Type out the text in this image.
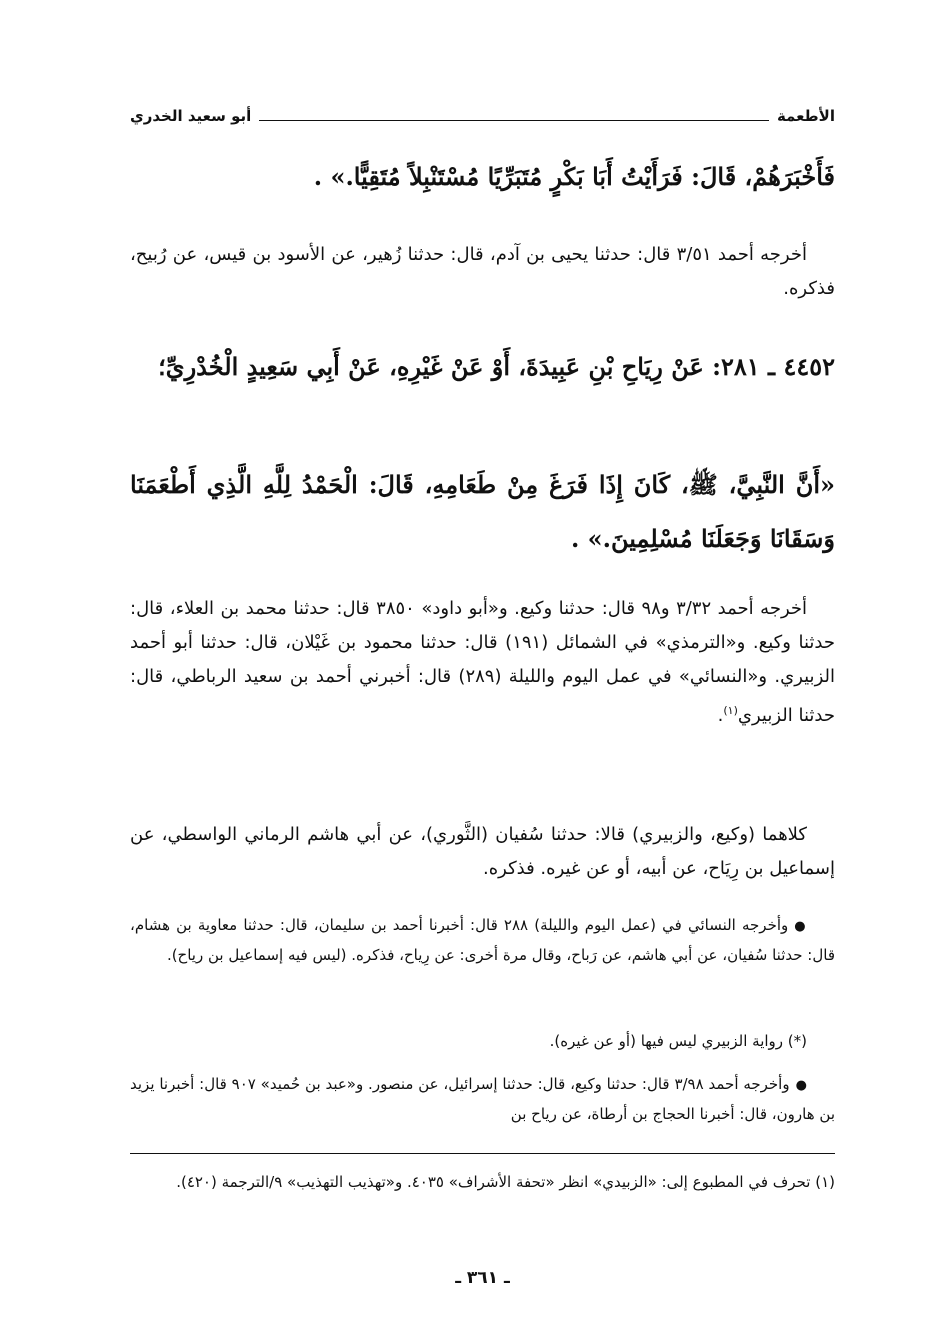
الأطعمة
أبو سعيد الخدري
فَأَخْبَرَهُمْ، قَالَ: فَرَأَيْتُ أَبَا بَكْرٍ مُتَبَرِّيًا مُسْتَنْبِلاً مُتَقِيًّا.» .
أخرجه أحمد ٣/٥١ قال: حدثنا يحيى بن آدم، قال: حدثنا زُهير، عن الأسود بن قيس، عن رُبيح، فذكره.
٤٤٥٢ ـ ٢٨١: عَنْ رِيَاحِ بْنِ عَبِيدَةَ، أَوْ عَنْ غَيْرِهِ، عَنْ أَبِي سَعِيدٍ الْخُدْرِيِّ؛
«أَنَّ النَّبِيَّ، ﷺ، كَانَ إِذَا فَرَغَ مِنْ طَعَامِهِ، قَالَ: الْحَمْدُ لِلَّهِ الَّذِي أَطْعَمَنَا وَسَقَانَا وَجَعَلَنَا مُسْلِمِينَ.» .
أخرجه أحمد ٣/٣٢ و٩٨ قال: حدثنا وكيع. و«أبو داود» ٣٨٥٠ قال: حدثنا محمد بن العلاء، قال: حدثنا وكيع. و«الترمذي» في الشمائل (١٩١) قال: حدثنا محمود بن غَيْلان، قال: حدثنا أبو أحمد الزبيري. و«النسائي» في عمل اليوم والليلة (٢٨٩) قال: أخبرني أحمد بن سعيد الرباطي، قال: حدثنا الزبيري$^{(١)}$.
كلاهما (وكيع، والزبيري) قالا: حدثنا سُفيان (الثَّوري)، عن أبي هاشم الرماني الواسطي، عن إسماعيل بن رِيَاح، عن أبيه، أو عن غيره. فذكره.
●وأخرجه النسائي في (عمل اليوم والليلة) ٢٨٨ قال: أخبرنا أحمد بن سليمان، قال: حدثنا معاوية بن هشام، قال: حدثنا سُفيان، عن أبي هاشم، عن رَباح، وقال مرة أخرى: عن رِياح، فذكره. (ليس فيه إسماعيل بن رياح).
(*) رواية الزبيري ليس فيها (أو عن غيره).
●وأخرجه أحمد ٣/٩٨ قال: حدثنا وكيع، قال: حدثنا إسرائيل، عن منصور. و«عبد بن حُميد» ٩٠٧ قال: أخبرنا يزيد بن هارون، قال: أخبرنا الحجاج بن أرطاة، عن رياح بن
(١) تحرف في المطبوع إلى: «الزبيدي» انظر «تحفة الأشراف» ٤٠٣٥. و«تهذيب التهذيب» ٩/الترجمة (٤٢٠).
ـ ٣٦١ ـ
